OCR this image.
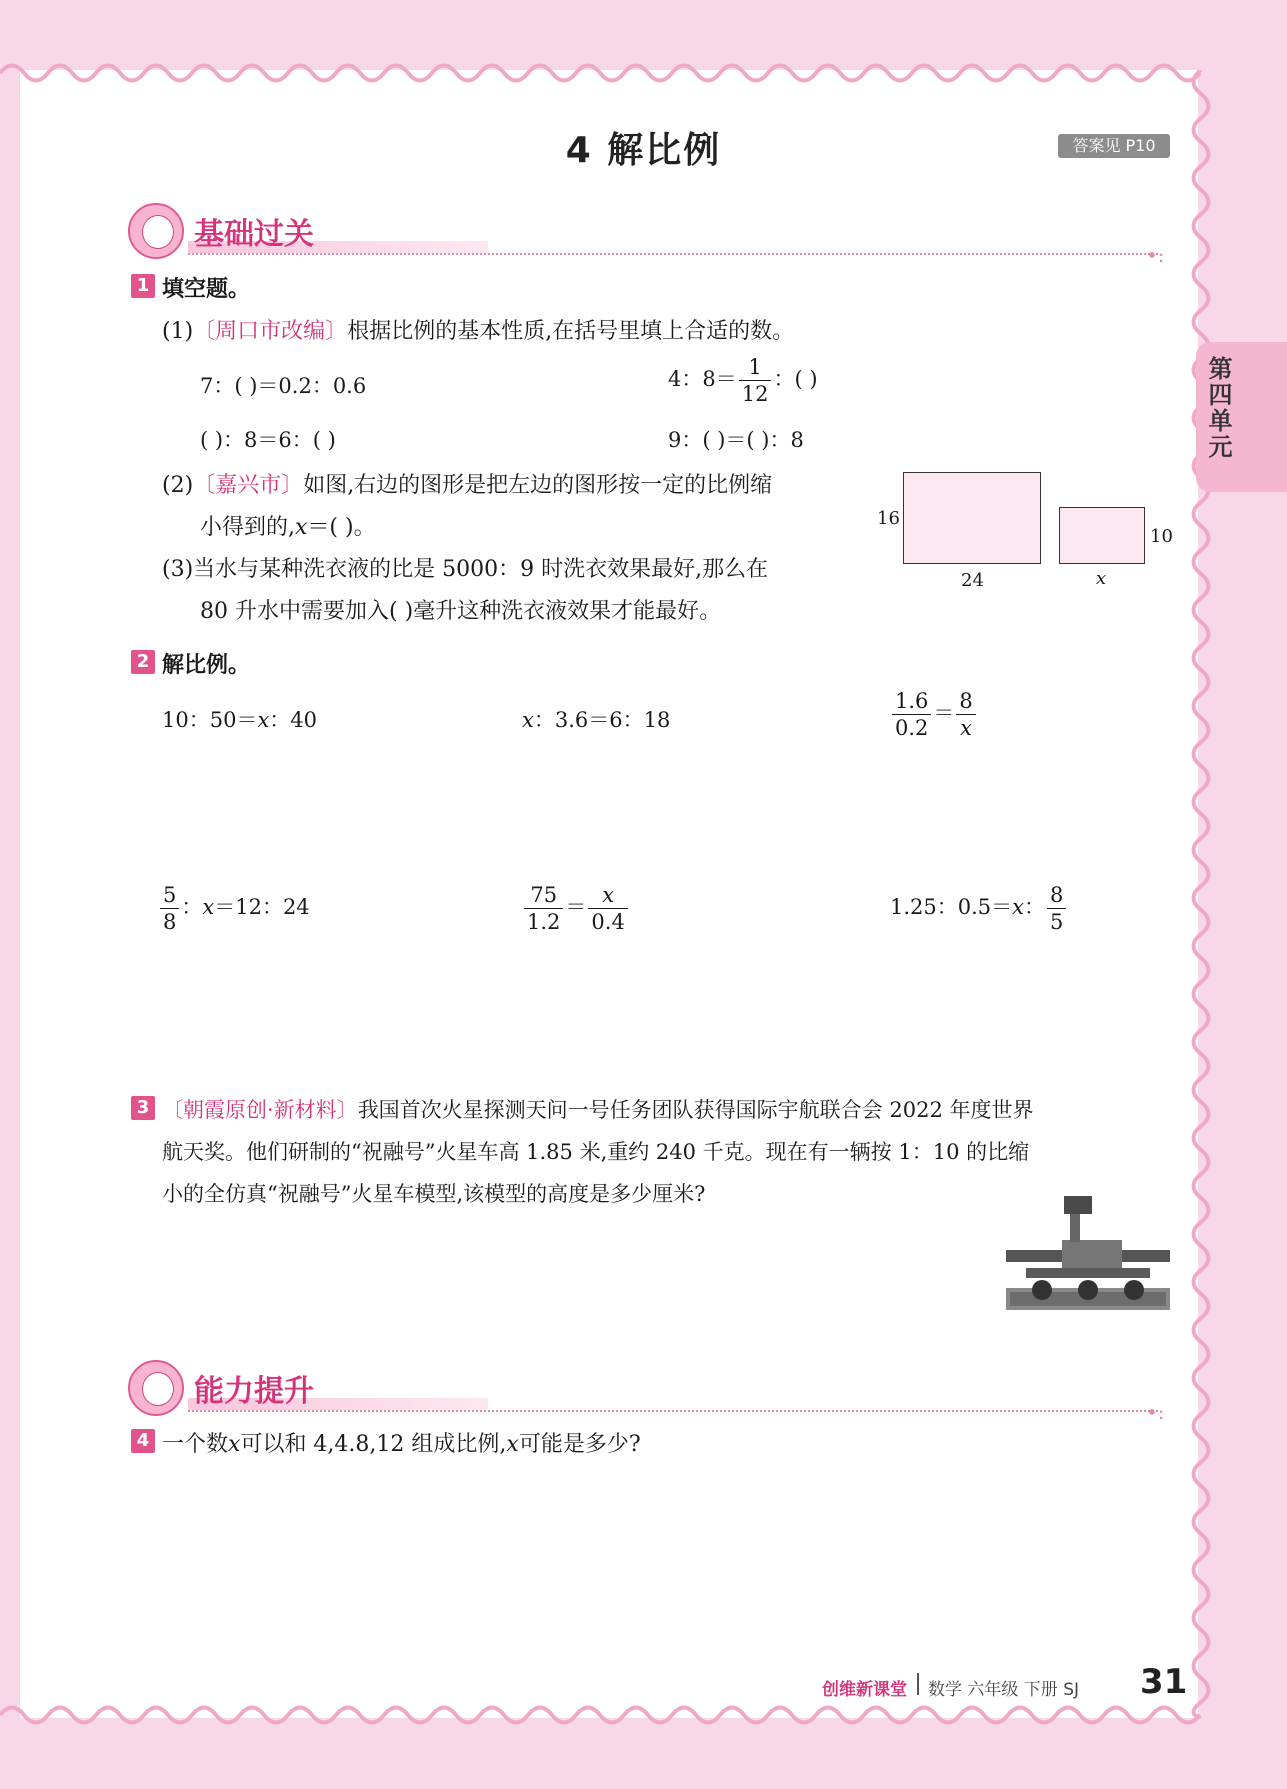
4 解比例	答案见 P10
第四单元
基础过关
•:
1 填空题。
(1)〔周口市改编〕根据比例的基本性质,在括号里填上合适的数。
7：( )＝0.2：0.6	4：$8= \frac{1}{12}$ ：( )
( )：8＝6：( )	9：( )＝( )：8
(2)〔嘉兴市〕如图,右边的图形是把左边的图形按一定的比例缩
小得到的,x＝( )。
(3)当水与某种洗衣液的比是 5000：9 时洗衣效果最好,那么在
80 升水中需要加入( )毫升这种洗衣液效果才能最好。
16
24
10
x
2 解比例。
10：50＝x：40	x：3.6＝6：18	$\frac{1.6}{0.2} = \frac{8}{x}$
$\frac{5}{8}$ ：x＝12：24	$\frac{75}{1.2} = \frac{x}{0.4}$	1.25：0.5＝x： $\frac{8}{5}$
3 〔朝霞原创·新材料〕我国首次火星探测天问一号任务团队获得国际宇航联合会 2022 年度世界
航天奖。他们研制的“祝融号”火星车高 1.85 米,重约 240 千克。现在有一辆按 1：10 的比缩
小的全仿真“祝融号”火星车模型,该模型的高度是多少厘米?
能力提升
•:
4 一个数x可以和 4,4.8,12 组成比例,x可能是多少?
创维新课堂 数学 六年级 下册 SJ 31
